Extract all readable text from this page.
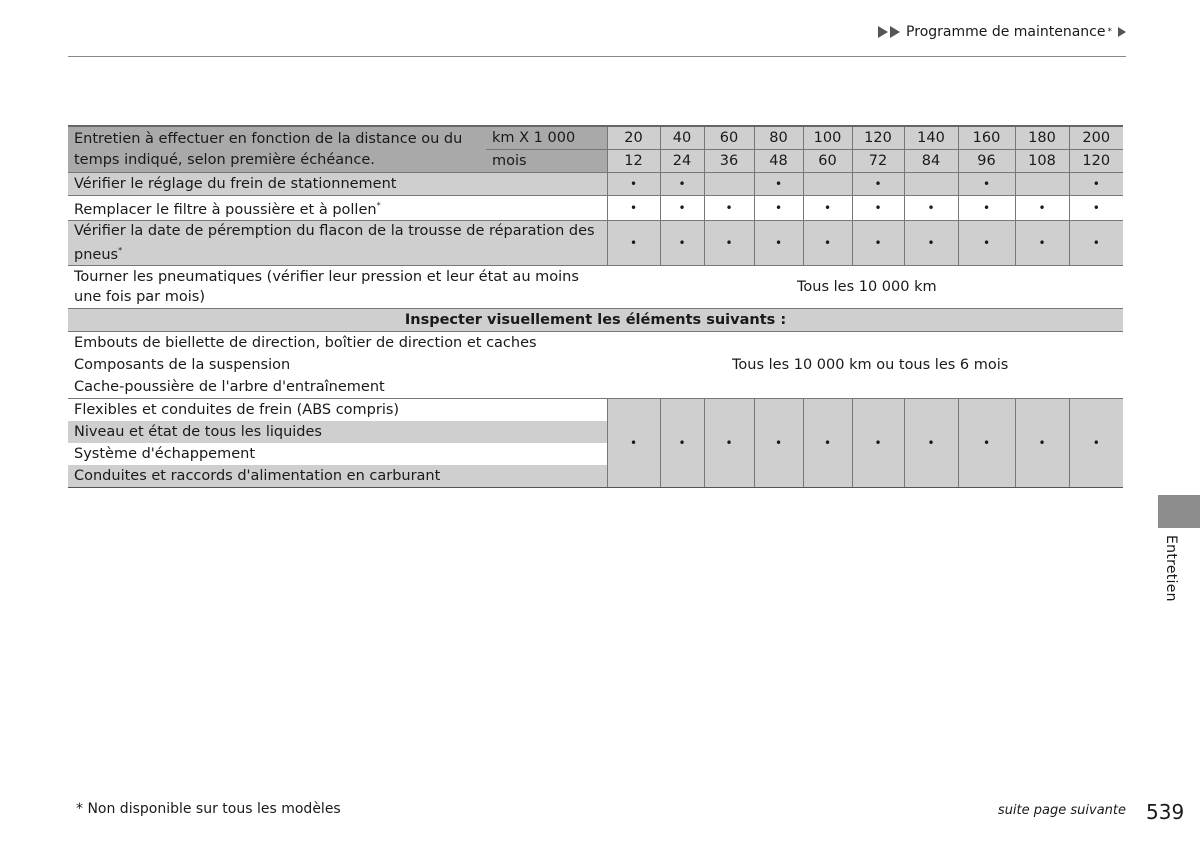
Programme de maintenance *
Entretien à effectuer en fonction de la distance ou du temps indiqué, selon première échéance.	km X 1 000	20	40	60	80	100	120	140	160	180	200
	mois	12	24	36	48	60	72	84	96	108	120
Vérifier le réglage du frein de stationnement		•	•		•		•		•		•
Remplacer le filtre à poussière et à pollen*		•	•	•	•	•	•	•	•	•	•
Vérifier la date de péremption du flacon de la trousse de réparation des pneus*		•	•	•	•	•	•	•	•	•	•
Tourner les pneumatiques (vérifier leur pression et leur état au moins une fois par mois)		Tous les 10 000 km									
Inspecter visuellement les éléments suivants :											
Embouts de biellette de direction, boîtier de direction et caches		Tous les 10 000 km ou tous les 6 mois									
Composants de la suspension											
Cache-poussière de l'arbre d'entraînement											
Flexibles et conduites de frein (ABS compris)		•	•	•	•	•	•	•	•	•	•
Niveau et état de tous les liquides											
Système d'échappement											
Conduites et raccords d'alimentation en carburant											
Entretien
* Non disponible sur tous les modèles	suite page suivante 539
